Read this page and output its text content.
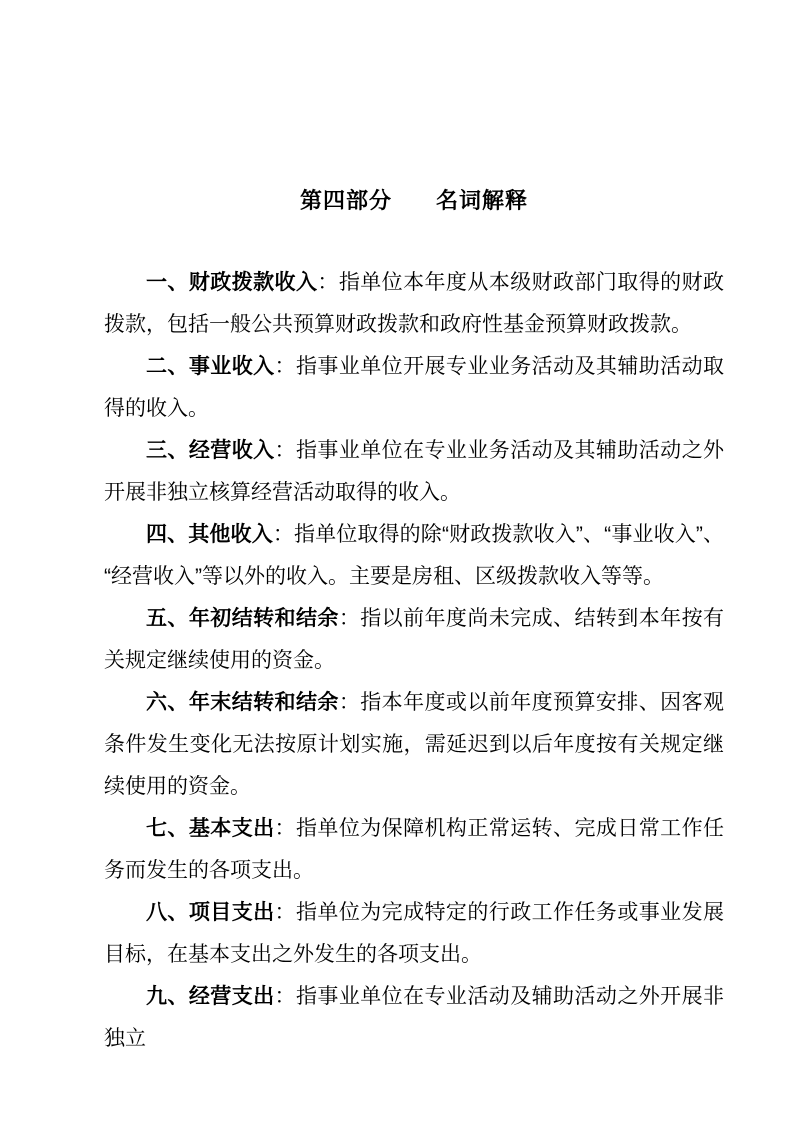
第四部分 名词解释

一、财政拨款收入：指单位本年度从本级财政部门取得的财政拨款，包括一般公共预算财政拨款和政府性基金预算财政拨款。

二、事业收入：指事业单位开展专业业务活动及其辅助活动取得的收入。

三、经营收入：指事业单位在专业业务活动及其辅助活动之外开展非独立核算经营活动取得的收入。

四、其他收入：指单位取得的除“财政拨款收入”、“事业收入”、“经营收入”等以外的收入。主要是房租、区级拨款收入等等。

五、年初结转和结余：指以前年度尚未完成、结转到本年按有关规定继续使用的资金。

六、年末结转和结余：指本年度或以前年度预算安排、因客观条件发生变化无法按原计划实施，需延迟到以后年度按有关规定继续使用的资金。

七、基本支出：指单位为保障机构正常运转、完成日常工作任务而发生的各项支出。

八、项目支出：指单位为完成特定的行政工作任务或事业发展目标，在基本支出之外发生的各项支出。

九、经营支出：指事业单位在专业活动及辅助活动之外开展非独立
